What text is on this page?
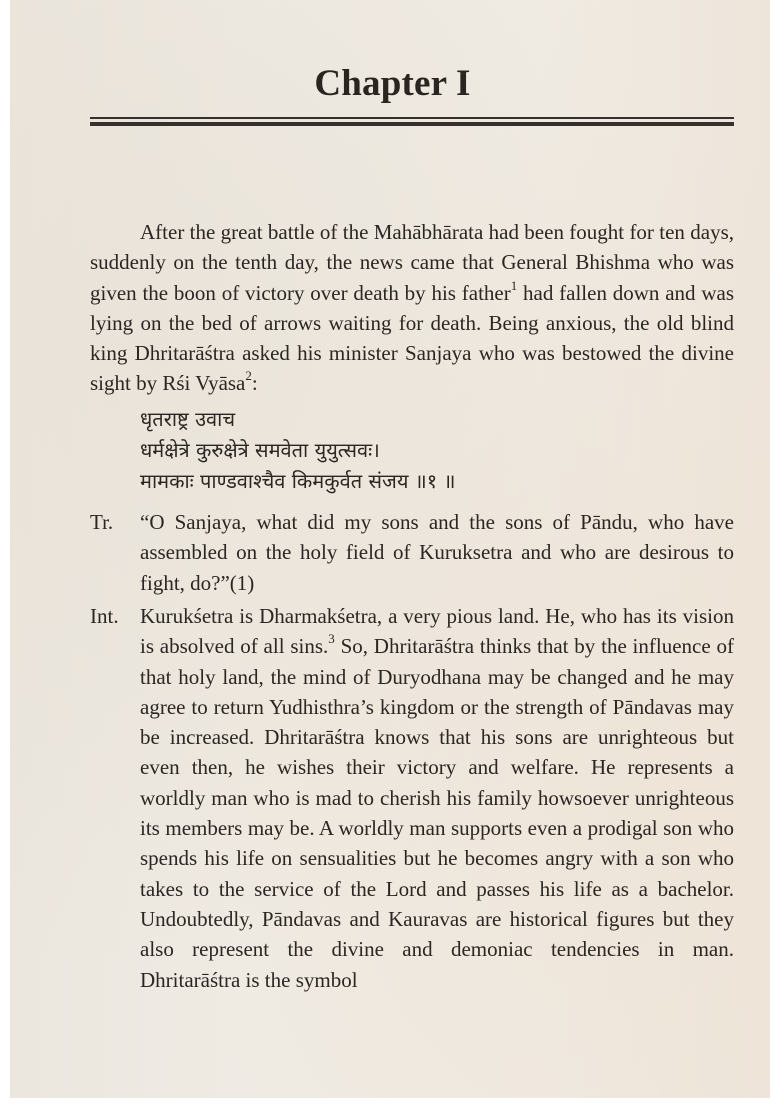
Chapter I

After the great battle of the Mahābhārata had been fought for ten days, suddenly on the tenth day, the news came that General Bhishma who was given the boon of victory over death by his father$^1$ had fallen down and was lying on the bed of arrows waiting for death. Being anxious, the old blind king Dhritarāśtra asked his minister Sanjaya who was bestowed the divine sight by Rśi Vyāsa$^2$:

धृतराष्ट्र उवाच
धर्मक्षेत्रे कुरुक्षेत्रे समवेता युयुत्सवः।
मामकाः पाण्डवाश्चैव किमकुर्वत संजय ॥१ ॥
Tr.	“O Sanjaya, what did my sons and the sons of Pāndu, who have assembled on the holy field of Kuruksetra and who are desirous to fight, do?”(1)
Int.	Kurukśetra is Dharmakśetra, a very pious land. He, who has its vision is absolved of all sins.$^3$ So, Dhritarāśtra thinks that by the influence of that holy land, the mind of Duryodhana may be changed and he may agree to return Yudhisthra’s kingdom or the strength of Pāndavas may be increased. Dhritarāśtra knows that his sons are unrighteous but even then, he wishes their victory and welfare. He represents a worldly man who is mad to cherish his family howsoever unrighteous its members may be. A worldly man supports even a prodigal son who spends his life on sensualities but he becomes angry with a son who takes to the service of the Lord and passes his life as a bachelor. Undoubtedly, Pāndavas and Kauravas are historical figures but they also represent the divine and demoniac tendencies in man. Dhritarāśtra is the symbol
